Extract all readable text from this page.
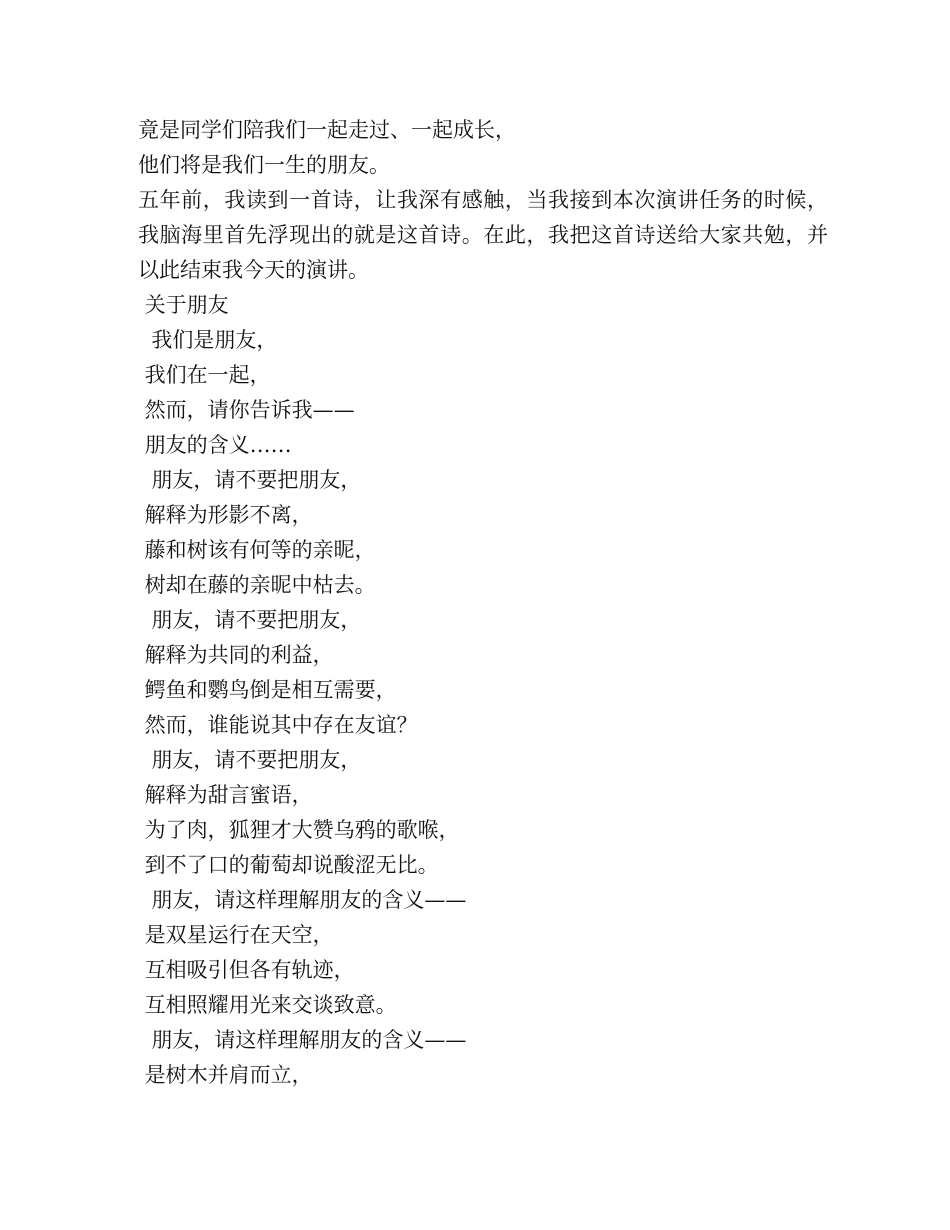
竟是同学们陪我们一起走过、一起成长，
他们将是我们一生的朋友。
五年前，我读到一首诗，让我深有感触，当我接到本次演讲任务的时候，我脑海里首先浮现出的就是这首诗。在此，我把这首诗送给大家共勉，并以此结束我今天的演讲。
关于朋友
我们是朋友，
我们在一起，
然而，请你告诉我——
朋友的含义……
朋友，请不要把朋友，
解释为形影不离，
藤和树该有何等的亲昵，
树却在藤的亲昵中枯去。
朋友，请不要把朋友，
解释为共同的利益，
鳄鱼和鹦鸟倒是相互需要，
然而，谁能说其中存在友谊？
朋友，请不要把朋友，
解释为甜言蜜语，
为了肉，狐狸才大赞乌鸦的歌喉，
到不了口的葡萄却说酸涩无比。
朋友，请这样理解朋友的含义——
是双星运行在天空，
互相吸引但各有轨迹，
互相照耀用光来交谈致意。
朋友，请这样理解朋友的含义——
是树木并肩而立，
